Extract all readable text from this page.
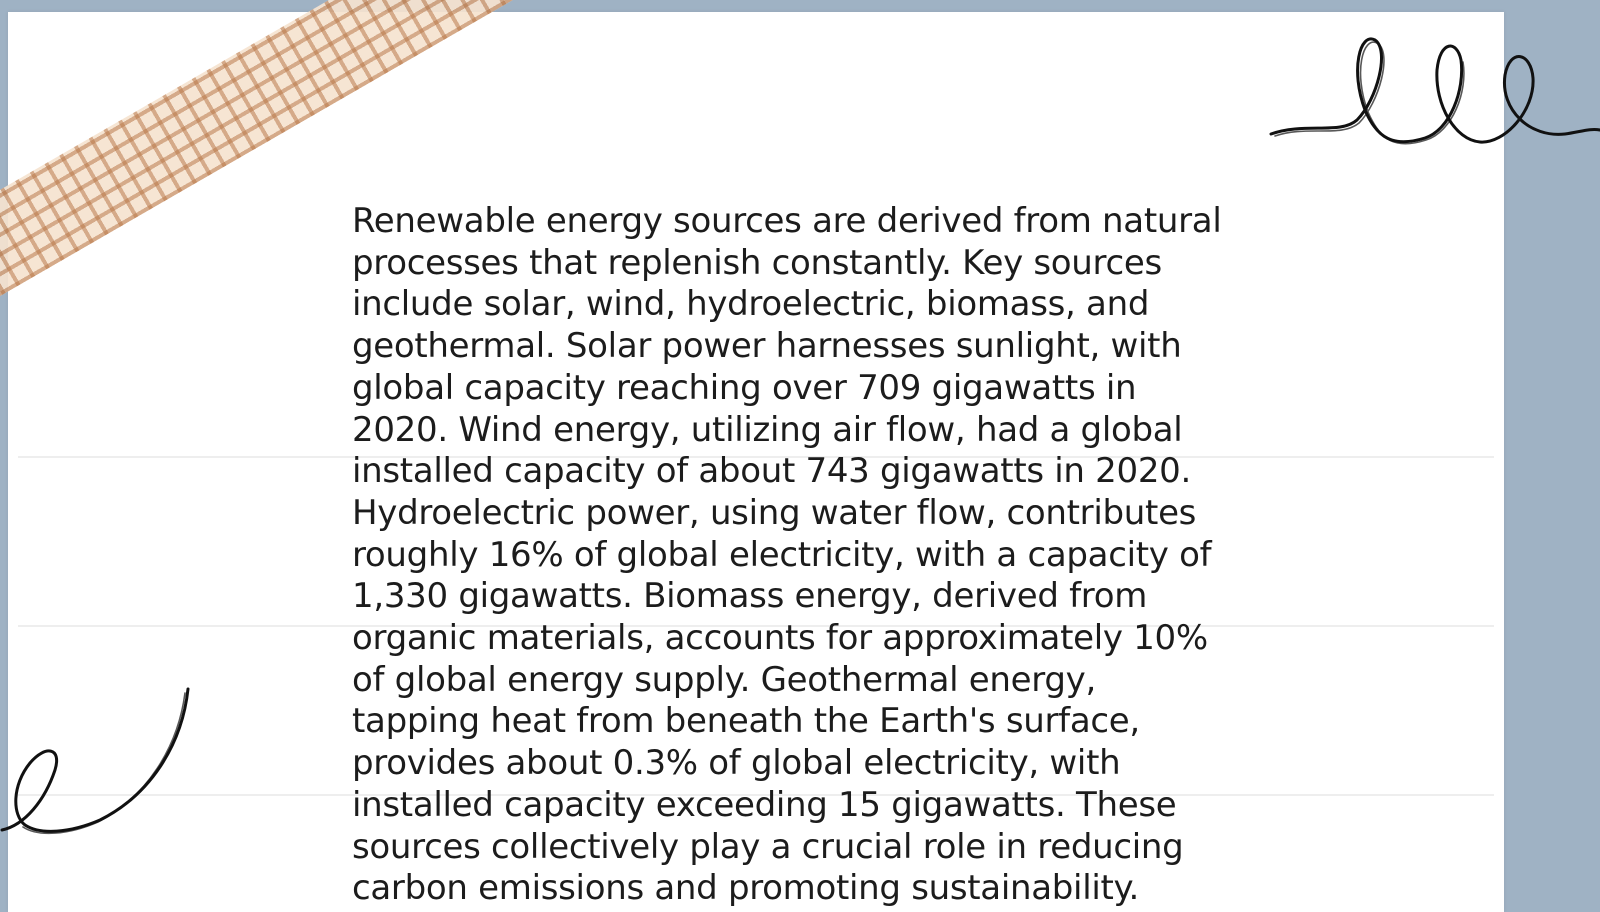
Renewable energy sources are derived from natural processes that replenish constantly. Key sources include solar, wind, hydroelectric, biomass, and geothermal. Solar power harnesses sunlight, with global capacity reaching over 709 gigawatts in 2020. Wind energy, utilizing air flow, had a global installed capacity of about 743 gigawatts in 2020. Hydroelectric power, using water flow, contributes roughly 16% of global electricity, with a capacity of 1,330 gigawatts. Biomass energy, derived from organic materials, accounts for approximately 10% of global energy supply. Geothermal energy, tapping heat from beneath the Earth's surface, provides about 0.3% of global electricity, with installed capacity exceeding 15 gigawatts. These sources collectively play a crucial role in reducing carbon emissions and promoting sustainability.
